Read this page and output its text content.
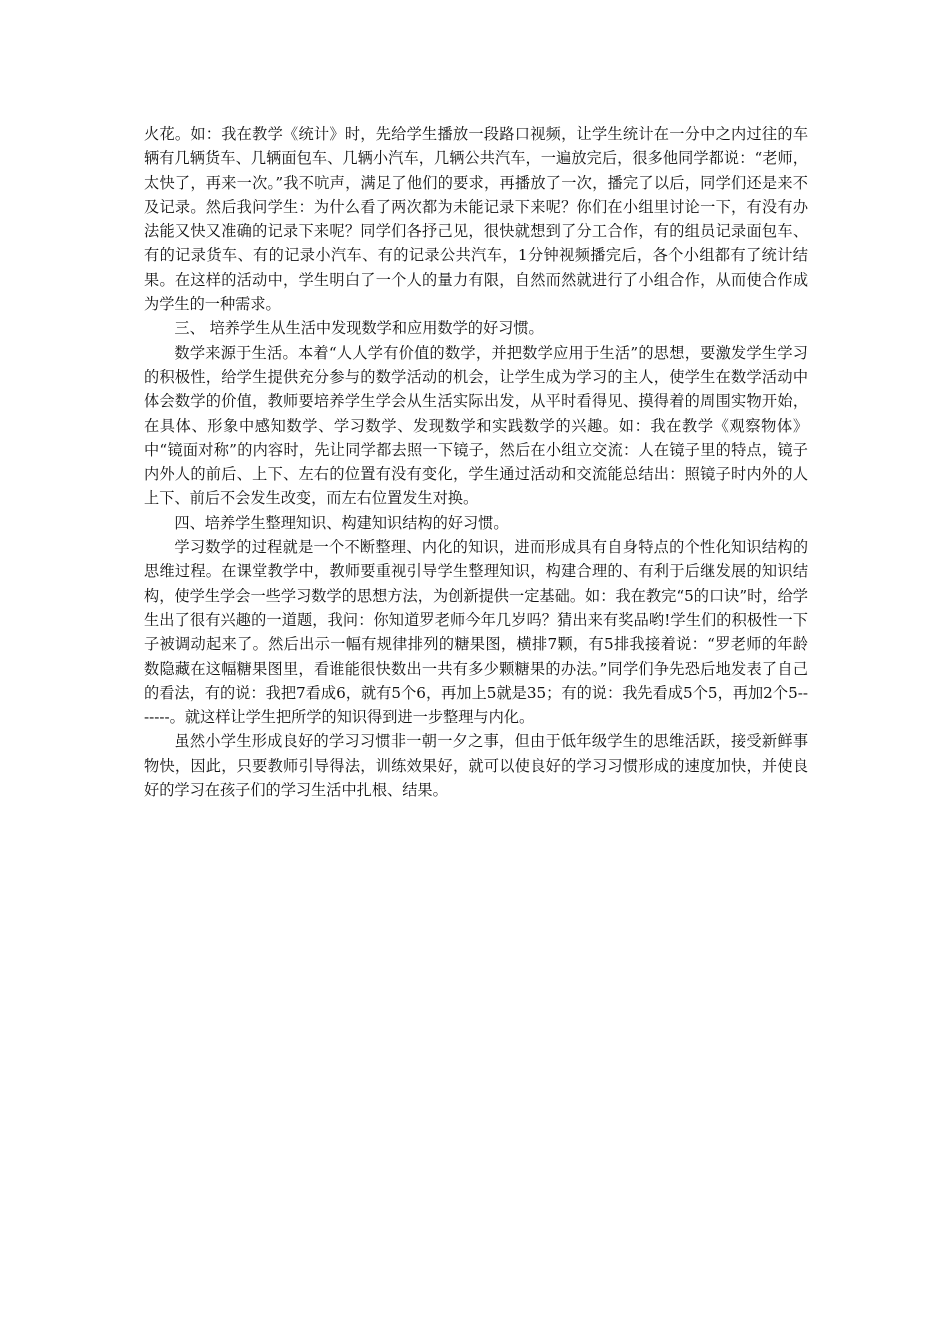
火花。如：我在教学《统计》时，先给学生播放一段路口视频，让学生统计在一分中之内过往的车辆有几辆货车、几辆面包车、几辆小汽车，几辆公共汽车，一遍放完后，很多他同学都说：“老师，太快了，再来一次。”我不吭声，满足了他们的要求，再播放了一次，播完了以后，同学们还是来不及记录。然后我问学生：为什么看了两次都为未能记录下来呢？你们在小组里讨论一下，有没有办法能又快又准确的记录下来呢？同学们各抒己见，很快就想到了分工合作，有的组员记录面包车、有的记录货车、有的记录小汽车、有的记录公共汽车，1分钟视频播完后，各个小组都有了统计结果。在这样的活动中，学生明白了一个人的量力有限，自然而然就进行了小组合作，从而使合作成为学生的一种需求。

三、 培养学生从生活中发现数学和应用数学的好习惯。

数学来源于生活。本着“人人学有价值的数学，并把数学应用于生活”的思想，要激发学生学习的积极性，给学生提供充分参与的数学活动的机会，让学生成为学习的主人，使学生在数学活动中体会数学的价值，教师要培养学生学会从生活实际出发，从平时看得见、摸得着的周围实物开始，在具体、形象中感知数学、学习数学、发现数学和实践数学的兴趣。如：我在教学《观察物体》中“镜面对称”的内容时，先让同学都去照一下镜子，然后在小组立交流：人在镜子里的特点，镜子内外人的前后、上下、左右的位置有没有变化，学生通过活动和交流能总结出：照镜子时内外的人上下、前后不会发生改变，而左右位置发生对换。

四、培养学生整理知识、构建知识结构的好习惯。

学习数学的过程就是一个不断整理、内化的知识，进而形成具有自身特点的个性化知识结构的思维过程。在课堂教学中，教师要重视引导学生整理知识，构建合理的、有利于后继发展的知识结构，使学生学会一些学习数学的思想方法，为创新提供一定基础。如：我在教完“5的口诀”时，给学生出了很有兴趣的一道题，我问：你知道罗老师今年几岁吗？猜出来有奖品哟!学生们的积极性一下子被调动起来了。然后出示一幅有规律排列的糖果图，横排7颗，有5排我接着说：“罗老师的年龄数隐藏在这幅糖果图里，看谁能很快数出一共有多少颗糖果的办法。”同学们争先恐后地发表了自己的看法，有的说：我把7看成6，就有5个6，再加上5就是35；有的说：我先看成5个5，再加2个5-------。就这样让学生把所学的知识得到进一步整理与内化。

虽然小学生形成良好的学习习惯非一朝一夕之事，但由于低年级学生的思维活跃，接受新鲜事物快，因此，只要教师引导得法，训练效果好，就可以使良好的学习习惯形成的速度加快，并使良好的学习在孩子们的学习生活中扎根、结果。
